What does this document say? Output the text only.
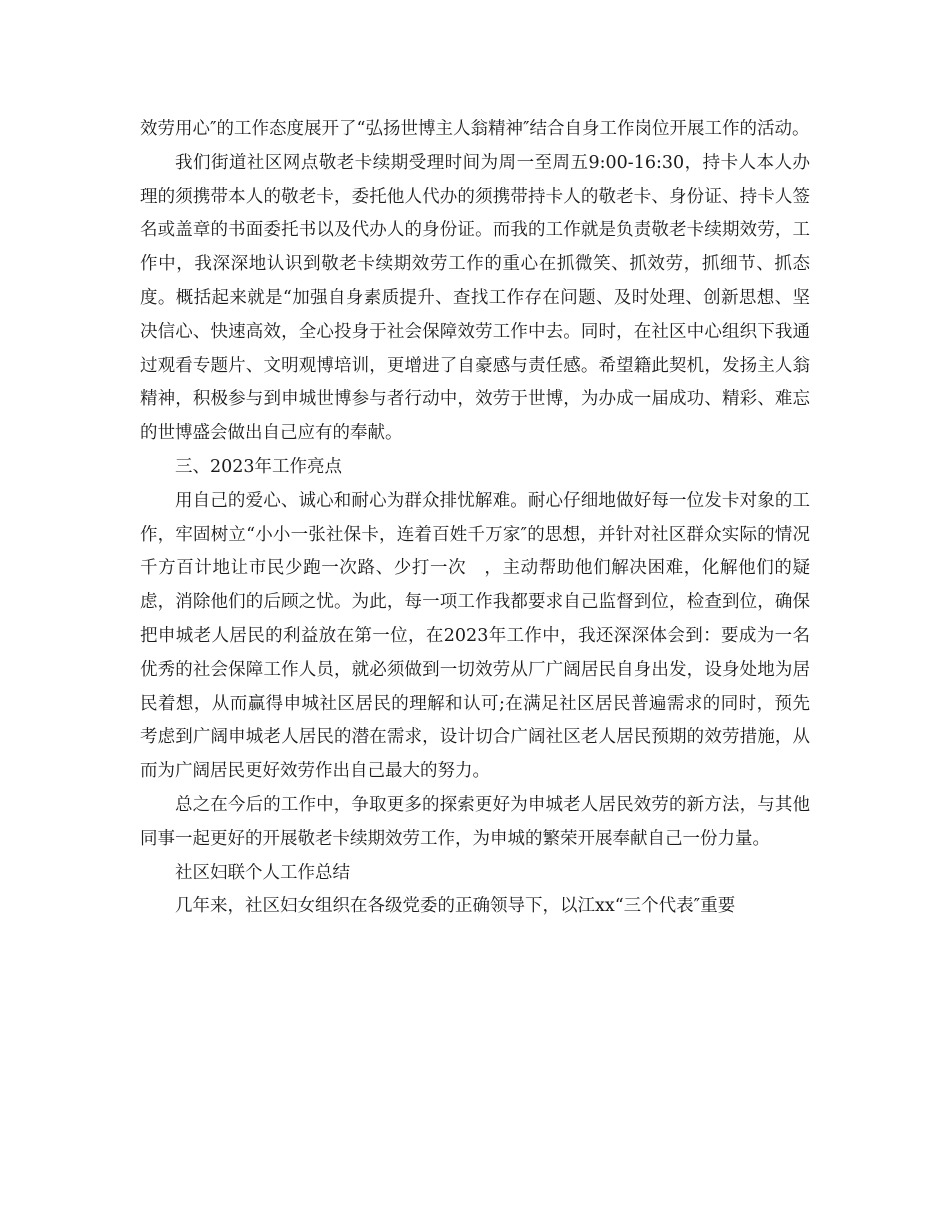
效劳用心″的工作态度展开了“弘扬世博主人翁精神″结合自身工作岗位开展工作的活动。

我们街道社区网点敬老卡续期受理时间为周一至周五9:00-16:30，持卡人本人办理的须携带本人的敬老卡，委托他人代办的须携带持卡人的敬老卡、身份证、持卡人签名或盖章的书面委托书以及代办人的身份证。而我的工作就是负责敬老卡续期效劳，工作中，我深深地认识到敬老卡续期效劳工作的重心在抓微笑、抓效劳，抓细节、抓态度。概括起来就是“加强自身素质提升、查找工作存在问题、及时处理、创新思想、坚决信心、快速高效，全心投身于社会保障效劳工作中去。同时，在社区中心组织下我通过观看专题片、文明观博培训，更增进了自豪感与责任感。希望籍此契机，发扬主人翁精神，积极参与到申城世博参与者行动中，效劳于世博，为办成一届成功、精彩、难忘的世博盛会做出自己应有的奉献。

三、2023年工作亮点

用自己的爱心、诚心和耐心为群众排忧解难。耐心仔细地做好每一位发卡对象的工作，牢固树立“小小一张社保卡，连着百姓千万家″的思想，并针对社区群众实际的情况千方百计地让市民少跑一次路、少打一次　，主动帮助他们解决困难，化解他们的疑虑，消除他们的后顾之忧。为此，每一项工作我都要求自己监督到位，检查到位，确保把申城老人居民的利益放在第一位，在2023年工作中，我还深深体会到：要成为一名优秀的社会保障工作人员，就必须做到一切效劳从厂广阔居民自身出发，设身处地为居民着想，从而赢得申城社区居民的理解和认可;在满足社区居民普遍需求的同时，预先考虑到广阔申城老人居民的潜在需求，设计切合广阔社区老人居民预期的效劳措施，从而为广阔居民更好效劳作出自己最大的努力。

总之在今后的工作中，争取更多的探索更好为申城老人居民效劳的新方法，与其他同事一起更好的开展敬老卡续期效劳工作，为申城的繁荣开展奉献自己一份力量。

社区妇联个人工作总结

几年来，社区妇女组织在各级党委的正确领导下，以江xx“三个代表″重要
